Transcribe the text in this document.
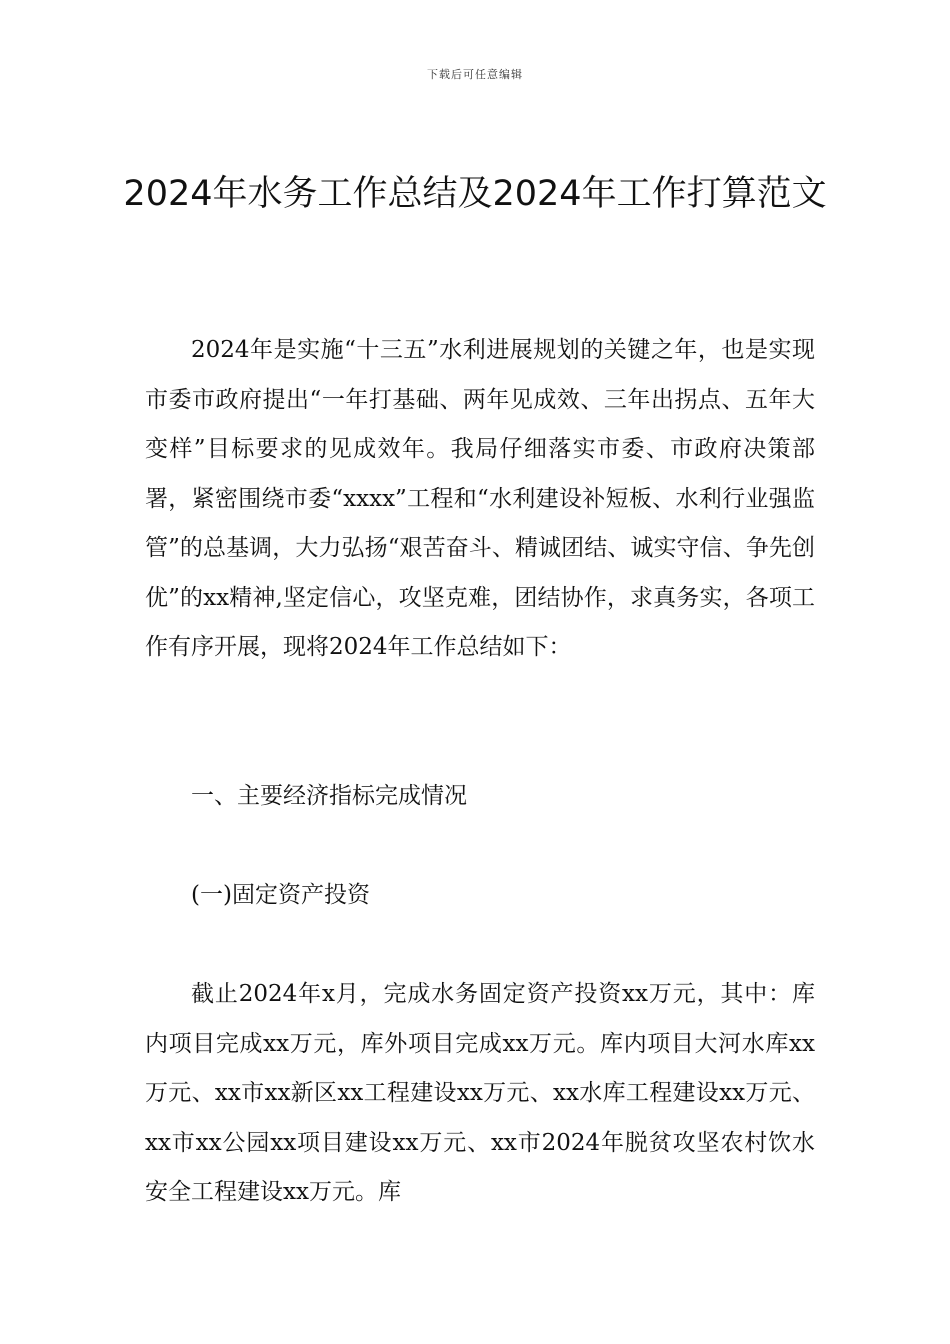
下载后可任意编辑
2024年水务工作总结及2024年工作打算范文

2024年是实施“十三五”水利进展规划的关键之年，也是实现市委市政府提出“一年打基础、两年见成效、三年出拐点、五年大变样”目标要求的见成效年。我局仔细落实市委、市政府决策部署，紧密围绕市委“xxxx”工程和“水利建设补短板、水利行业强监管”的总基调，大力弘扬“艰苦奋斗、精诚团结、诚实守信、争先创优”的xx精神,坚定信心，攻坚克难，团结协作，求真务实，各项工作有序开展，现将2024年工作总结如下：

一、主要经济指标完成情况

(一)固定资产投资

截止2024年x月，完成水务固定资产投资xx万元，其中：库内项目完成xx万元，库外项目完成xx万元。库内项目大河水库xx万元、xx市xx新区xx工程建设xx万元、xx水库工程建设xx万元、xx市xx公园xx项目建设xx万元、xx市2024年脱贫攻坚农村饮水安全工程建设xx万元。库
